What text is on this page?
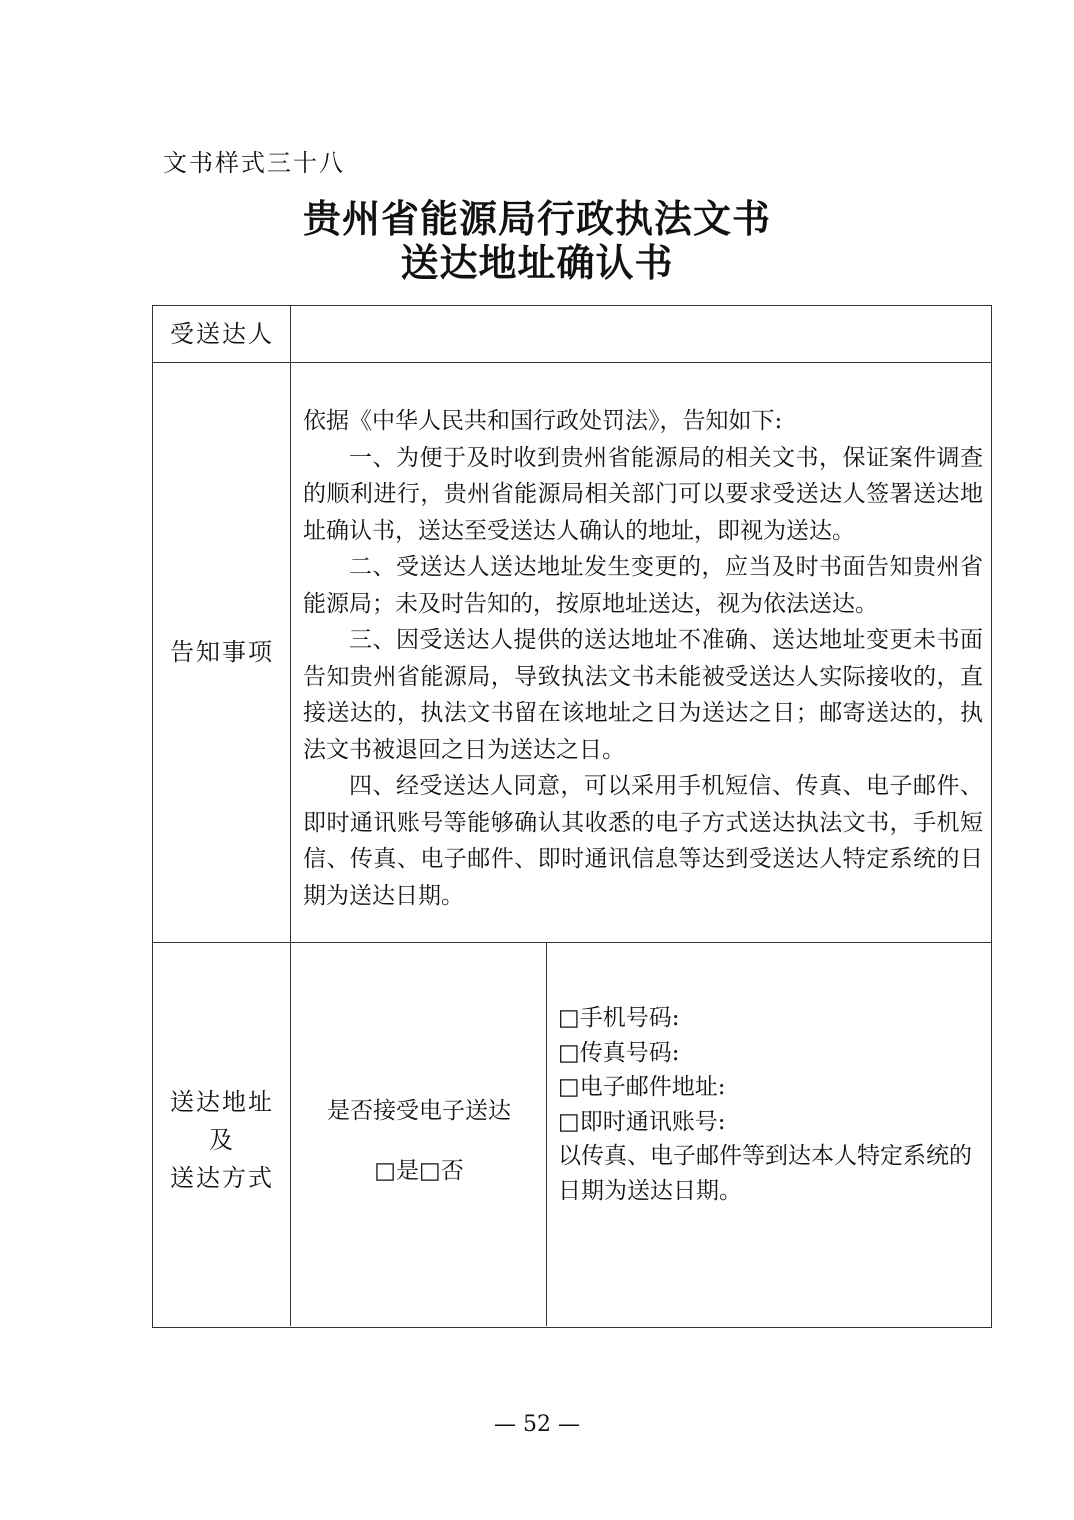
文书样式三十八
贵州省能源局行政执法文书
送达地址确认书
受送达人
告知事项

依据《中华人民共和国行政处罚法》，告知如下:

一、为便于及时收到贵州省能源局的相关文书，保证案件调查的顺利进行，贵州省能源局相关部门可以要求受送达人签署送达地址确认书，送达至受送达人确认的地址，即视为送达。

二、受送达人送达地址发生变更的，应当及时书面告知贵州省能源局；未及时告知的，按原地址送达，视为依法送达。

三、因受送达人提供的送达地址不准确、送达地址变更未书面告知贵州省能源局，导致执法文书未能被受送达人实际接收的，直接送达的，执法文书留在该地址之日为送达之日；邮寄送达的，执法文书被退回之日为送达之日。

四、经受送达人同意，可以采用手机短信、传真、电子邮件、即时通讯账号等能够确认其收悉的电子方式送达执法文书，手机短信、传真、电子邮件、即时通讯信息等达到受送达人特定系统的日期为送达日期。

送达地址
及
送达方式
是否接受电子送达
□是□否

□手机号码:

□传真号码:

□电子邮件地址:

□即时通讯账号:

以传真、电子邮件等到达本人特定系统的日期为送达日期。

— 52 —
